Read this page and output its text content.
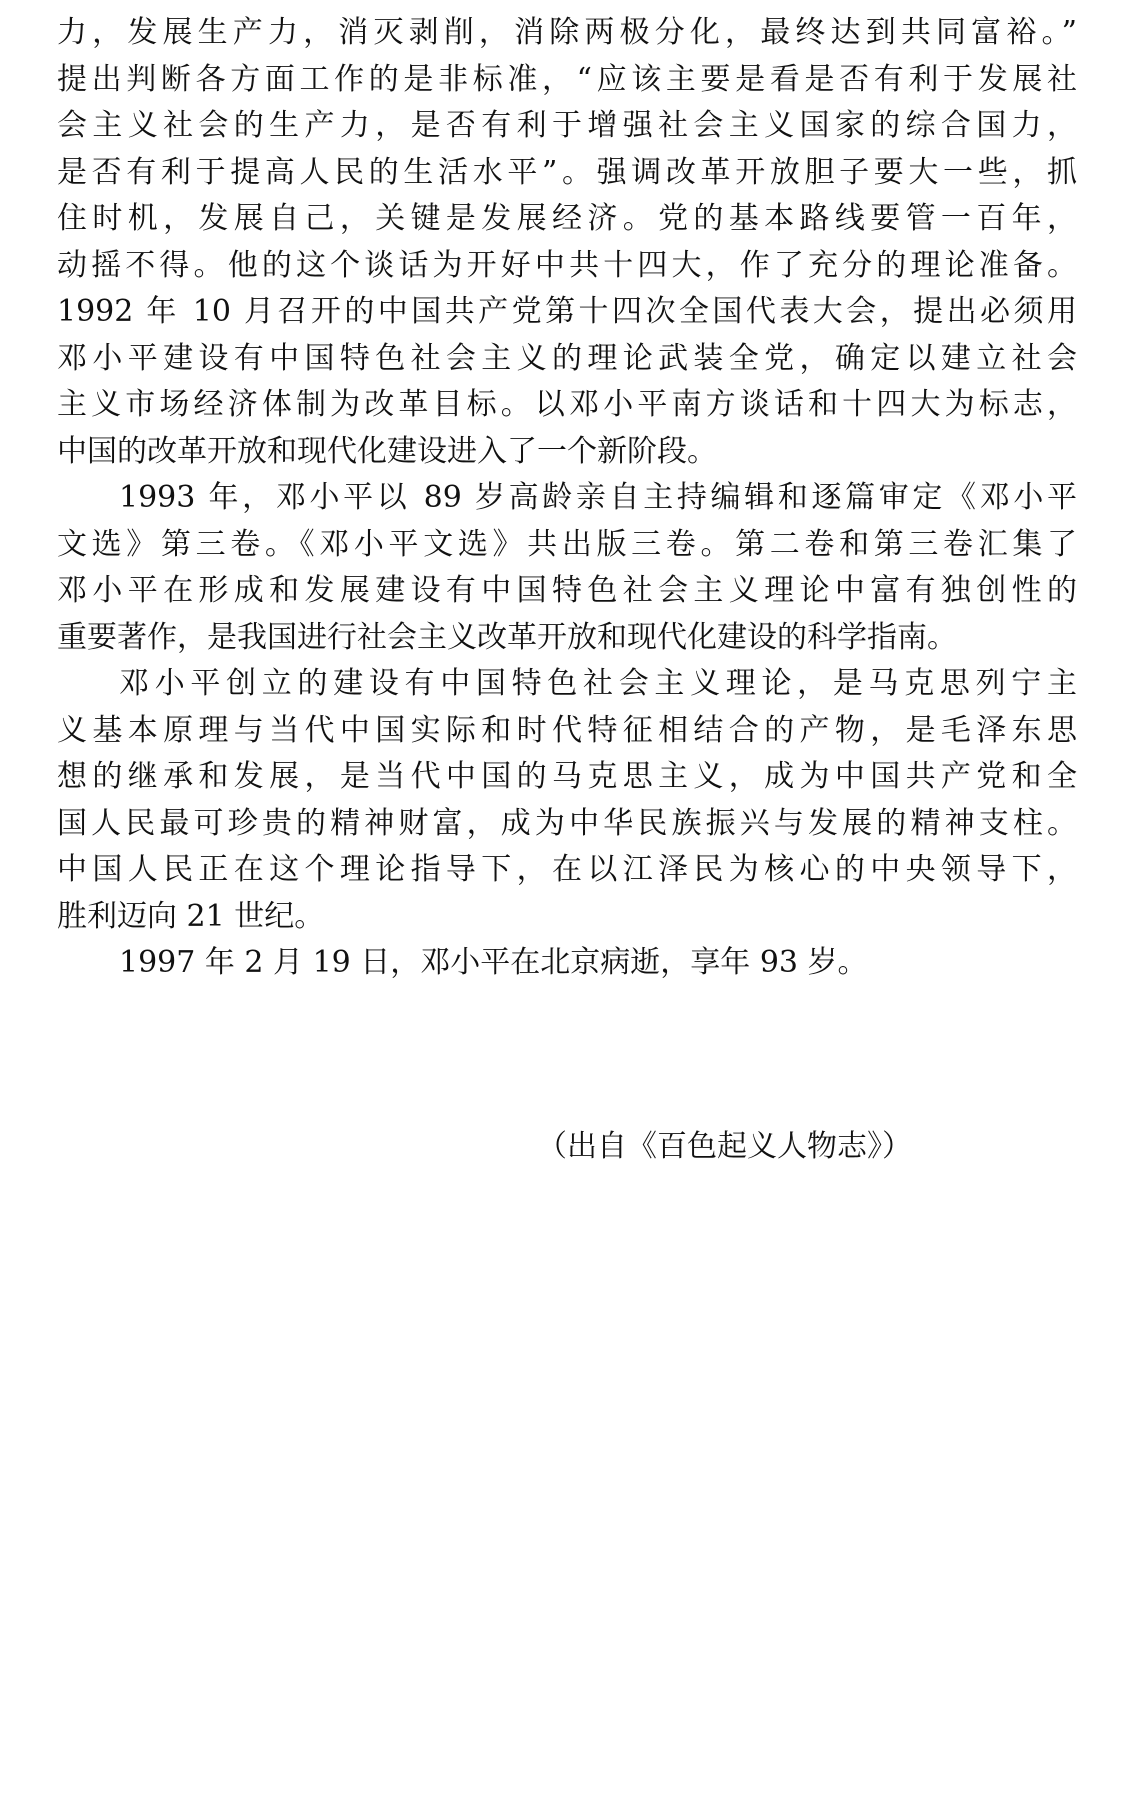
力，发展生产力，消灭剥削，消除两极分化，最终达到共同富裕。”
提出判断各方面工作的是非标准，“应该主要是看是否有利于发展社
会主义社会的生产力，是否有利于增强社会主义国家的综合国力，
是否有利于提高人民的生活水平”。强调改革开放胆子要大一些，抓
住时机，发展自己，关键是发展经济。党的基本路线要管一百年，
动摇不得。他的这个谈话为开好中共十四大，作了充分的理论准备。
1992 年 10 月召开的中国共产党第十四次全国代表大会，提出必须用
邓小平建设有中国特色社会主义的理论武装全党，确定以建立社会
主义市场经济体制为改革目标。以邓小平南方谈话和十四大为标志，
中国的改革开放和现代化建设进入了一个新阶段。
1993 年，邓小平以 89 岁高龄亲自主持编辑和逐篇审定《邓小平
文选》第三卷。《邓小平文选》共出版三卷。第二卷和第三卷汇集了
邓小平在形成和发展建设有中国特色社会主义理论中富有独创性的
重要著作，是我国进行社会主义改革开放和现代化建设的科学指南。
邓小平创立的建设有中国特色社会主义理论，是马克思列宁主
义基本原理与当代中国实际和时代特征相结合的产物，是毛泽东思
想的继承和发展，是当代中国的马克思主义，成为中国共产党和全
国人民最可珍贵的精神财富，成为中华民族振兴与发展的精神支柱。
中国人民正在这个理论指导下，在以江泽民为核心的中央领导下，
胜利迈向 21 世纪。
1997 年 2 月 19 日，邓小平在北京病逝，享年 93 岁。
（出自《百色起义人物志》）
